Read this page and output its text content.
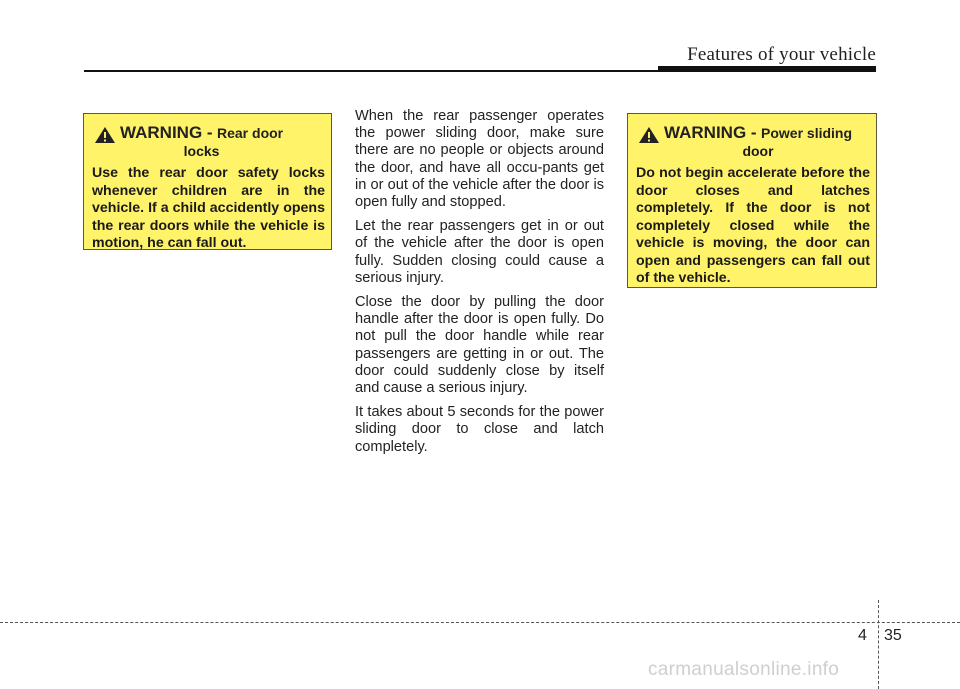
Features of your vehicle
WARNING - Rear door
locks
Use the rear door safety locks whenever children are in the vehicle. If a child accidently opens the rear doors while the vehicle is motion, he can fall out.

When the rear passenger operates the power sliding door, make sure there are no people or objects around the door, and have all occu-pants get in or out of the vehicle after the door is open fully and stopped.

Let the rear passengers get in or out of the vehicle after the door is open fully. Sudden closing could cause a serious injury.

Close the door by pulling the door handle after the door is open fully. Do not pull the door handle while rear passengers are getting in or out. The door could suddenly close by itself and cause a serious injury.

It takes about 5 seconds for the power sliding door to close and latch completely.

WARNING - Power sliding
door
Do not begin accelerate before the door closes and latches completely. If the door is not completely closed while the vehicle is moving, the door can open and passengers can fall out of the vehicle.
4 35
carmanualsonline.info
